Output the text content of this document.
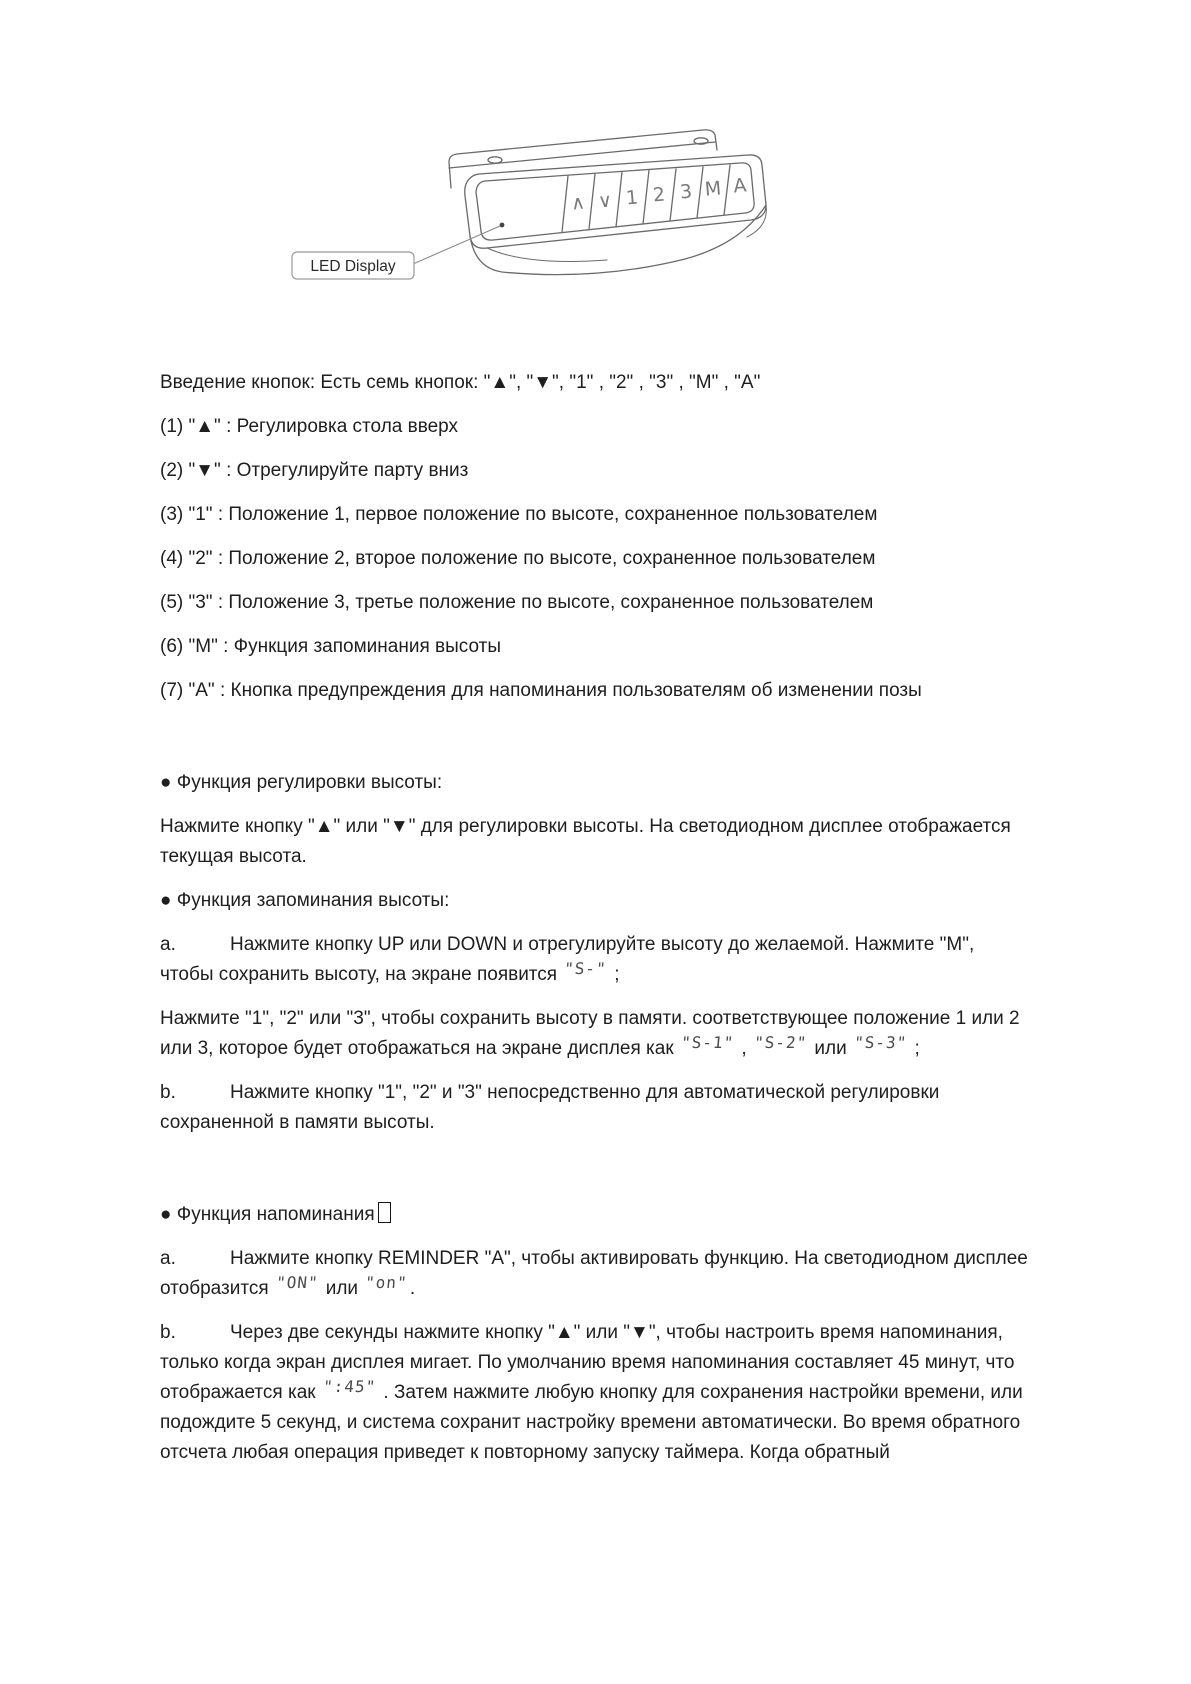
∧ ∨ 1 2 3 M A
LED Display

Введение кнопок: Есть семь кнопок: "▲", "▼", "1" , "2" , "3" , "M" , "A"

(1) "▲" : Регулировка стола вверх

(2) "▼" : Отрегулируйте парту вниз

(3) "1" : Положение 1, первое положение по высоте, сохраненное пользователем

(4) "2" : Положение 2, второе положение по высоте, сохраненное пользователем

(5) "3" : Положение 3, третье положение по высоте, сохраненное пользователем

(6) "M" : Функция запоминания высоты

(7) "A" : Кнопка предупреждения для напоминания пользователям об изменении позы

● Функция регулировки высоты:

Нажмите кнопку "▲" или "▼" для регулировки высоты. На светодиодном дисплее отображается текущая высота.

● Функция запоминания высоты:

a.	Нажмите кнопку UP или DOWN и отрегулируйте высоту до желаемой. Нажмите "M", чтобы сохранить высоту, на экране появится "S-" ;

Нажмите "1", "2" или "3", чтобы сохранить высоту в памяти. соответствующее положение 1 или 2 или 3, которое будет отображаться на экране дисплея как "S-1" , "S-2" или "S-3" ;

b.	Нажмите кнопку "1", "2" и "3" непосредственно для автоматической регулировки сохраненной в памяти высоты.

● Функция напоминания

a.	Нажмите кнопку REMINDER "A", чтобы активировать функцию. На светодиодном дисплее отобразится "ON" или "on".

b.	Через две секунды нажмите кнопку "▲" или "▼", чтобы настроить время напоминания, только когда экран дисплея мигает. По умолчанию время напоминания составляет 45 минут, что отображается как ":45" . Затем нажмите любую кнопку для сохранения настройки времени, или подождите 5 секунд, и система сохранит настройку времени автоматически. Во время обратного отсчета любая операция приведет к повторному запуску таймера. Когда обратный
